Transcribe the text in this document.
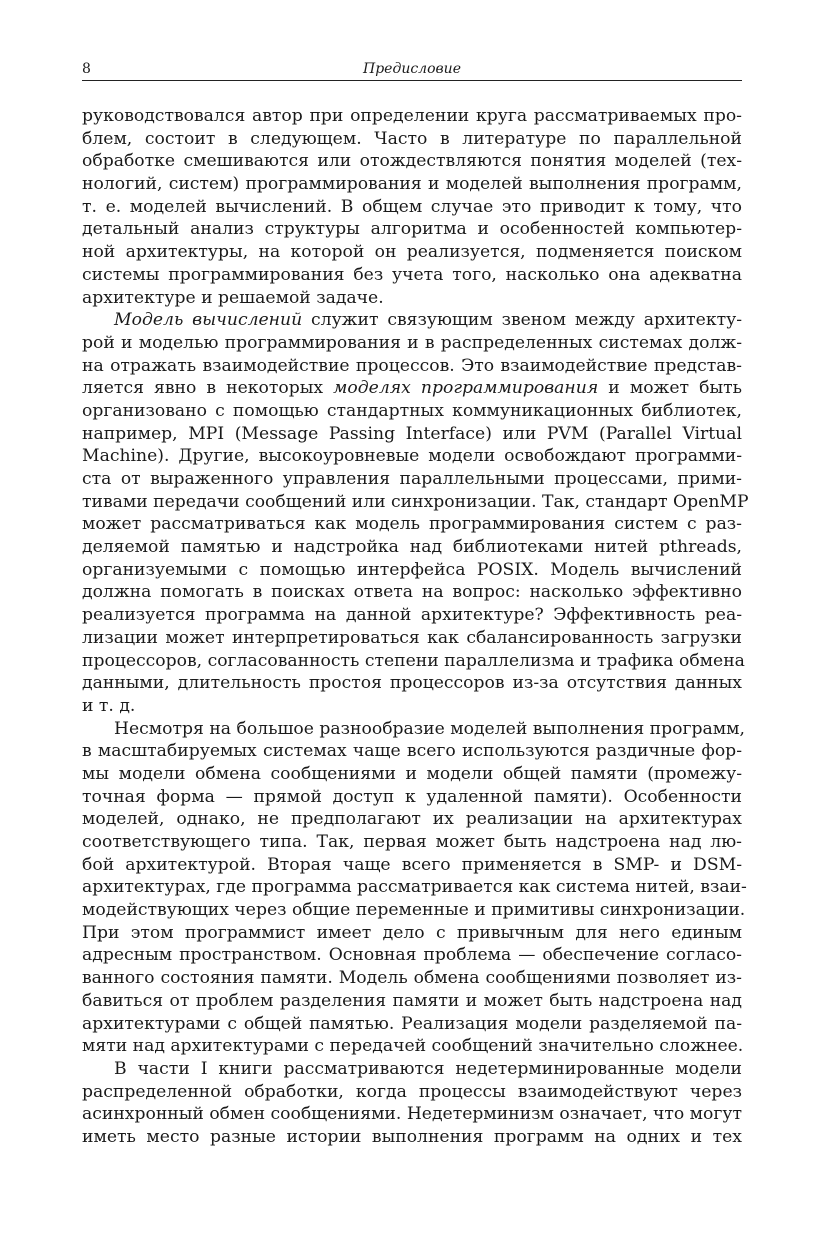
8	Предисловие
руководствовался автор при определении круга рассматриваемых про-
блем, состоит в следующем. Часто в литературе по параллельной
обработке смешиваются или отождествляются понятия моделей (тех-
нологий, систем) программирования и моделей выполнения программ,
т. е. моделей вычислений. В общем случае это приводит к тому, что
детальный анализ структуры алгоритма и особенностей компьютер-
ной архитектуры, на которой он реализуется, подменяется поиском
системы программирования без учета того, насколько она адекватна
архитектуре и решаемой задаче.
Модель вычислений служит связующим звеном между архитекту-
рой и моделью программирования и в распределенных системах долж-
на отражать взаимодействие процессов. Это взаимодействие представ-
ляется явно в некоторых моделях программирования и может быть
организовано с помощью стандартных коммуникационных библиотек,
например, MPI (Message Passing Interface) или PVM (Parallel Virtual
Machine). Другие, высокоуровневые модели освобождают программи-
ста от выраженного управления параллельными процессами, прими-
тивами передачи сообщений или синхронизации. Так, стандарт OpenMP
может рассматриваться как модель программирования систем с раз-
деляемой памятью и надстройка над библиотеками нитей pthreads,
организуемыми с помощью интерфейса POSIX. Модель вычислений
должна помогать в поисках ответа на вопрос: насколько эффективно
реализуется программа на данной архитектуре? Эффективность реа-
лизации может интерпретироваться как сбалансированность загрузки
процессоров, согласованность степени параллелизма и трафика обмена
данными, длительность простоя процессоров из-за отсутствия данных
и т. д.
Несмотря на большое разнообразие моделей выполнения программ,
в масштабируемых системах чаще всего используются раздичные фор-
мы модели обмена сообщениями и модели общей памяти (промежу-
точная форма — прямой доступ к удаленной памяти). Особенности
моделей, однако, не предполагают их реализации на архитектурах
соответствующего типа. Так, первая может быть надстроена над лю-
бой архитектурой. Вторая чаще всего применяется в SMP- и DSM-
архитектурах, где программа рассматривается как система нитей, взаи-
модействующих через общие переменные и примитивы синхронизации.
При этом программист имеет дело с привычным для него единым
адресным пространством. Основная проблема — обеспечение согласо-
ванного состояния памяти. Модель обмена сообщениями позволяет из-
бавиться от проблем разделения памяти и может быть надстроена над
архитектурами с общей памятью. Реализация модели разделяемой па-
мяти над архитектурами с передачей сообщений значительно сложнее.
В части I книги рассматриваются недетерминированные модели
распределенной обработки, когда процессы взаимодействуют через
асинхронный обмен сообщениями. Недетерминизм означает, что могут
иметь место разные истории выполнения программ на одних и тех
